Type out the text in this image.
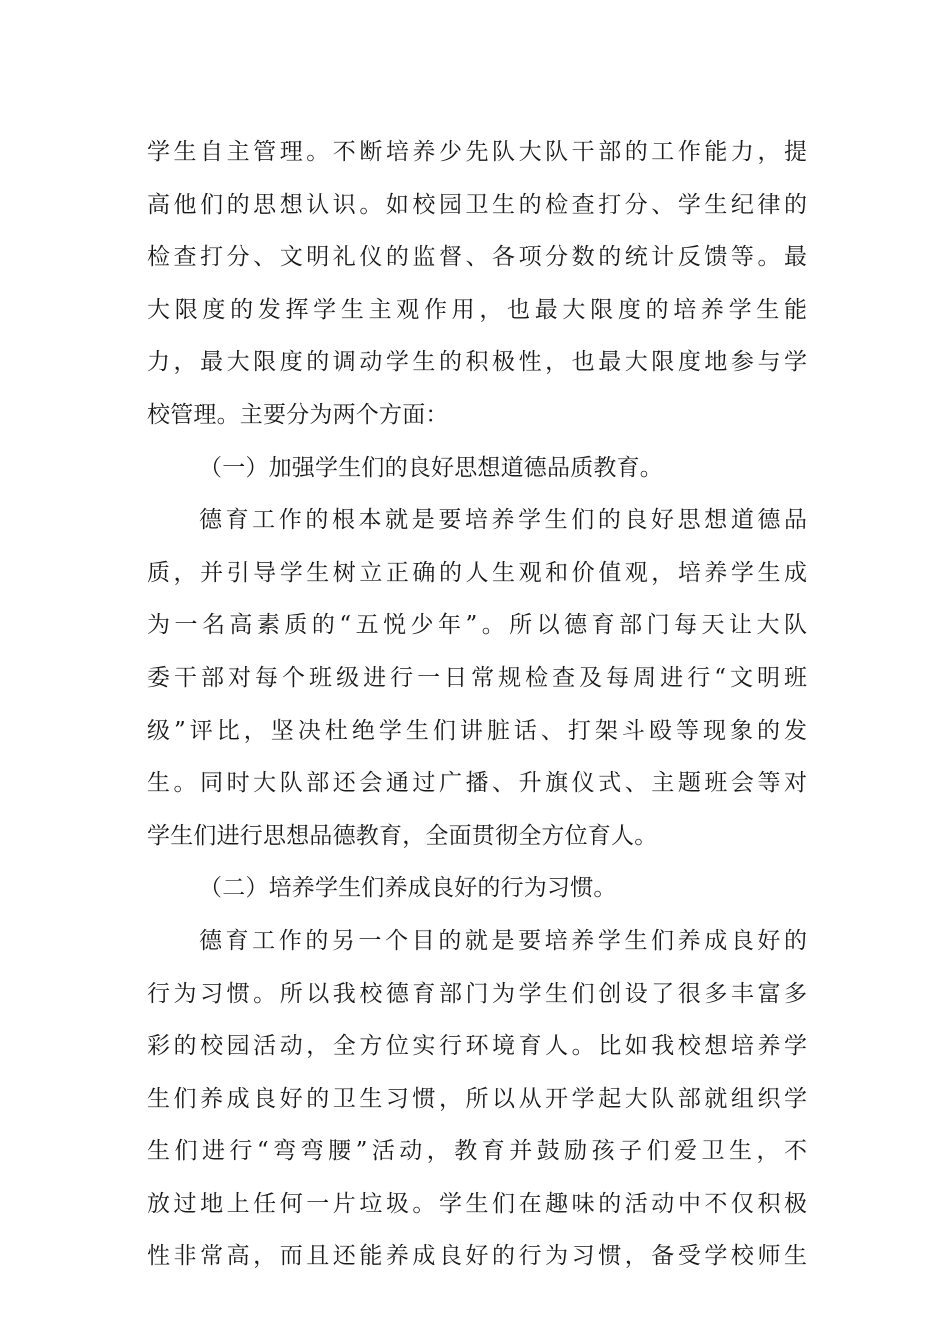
学生自主管理。不断培养少先队大队干部的工作能力，提
高他们的思想认识。如校园卫生的检查打分、学生纪律的
检查打分、文明礼仪的监督、各项分数的统计反馈等。最
大限度的发挥学生主观作用，也最大限度的培养学生能
力，最大限度的调动学生的积极性，也最大限度地参与学
校管理。主要分为两个方面：
（一）加强学生们的良好思想道德品质教育。
德育工作的根本就是要培养学生们的良好思想道德品
质，并引导学生树立正确的人生观和价值观，培养学生成
为一名高素质的“五悦少年”。所以德育部门每天让大队
委干部对每个班级进行一日常规检查及每周进行“文明班
级”评比，坚决杜绝学生们讲脏话、打架斗殴等现象的发
生。同时大队部还会通过广播、升旗仪式、主题班会等对
学生们进行思想品德教育，全面贯彻全方位育人。
（二）培养学生们养成良好的行为习惯。
德育工作的另一个目的就是要培养学生们养成良好的
行为习惯。所以我校德育部门为学生们创设了很多丰富多
彩的校园活动，全方位实行环境育人。比如我校想培养学
生们养成良好的卫生习惯，所以从开学起大队部就组织学
生们进行“弯弯腰”活动，教育并鼓励孩子们爱卫生，不
放过地上任何一片垃圾。学生们在趣味的活动中不仅积极
性非常高，而且还能养成良好的行为习惯，备受学校师生
